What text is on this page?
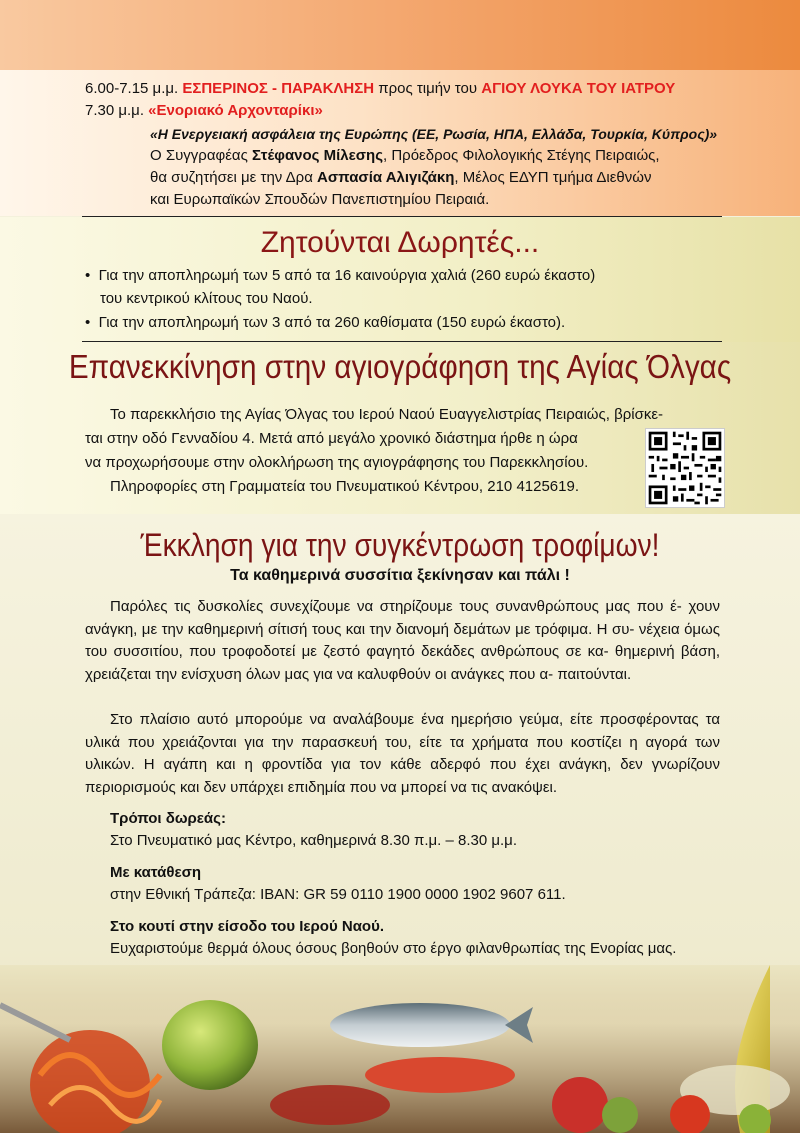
6.00-7.15 μ.μ. ΕΣΠΕΡΙΝΟΣ - ΠΑΡΑΚΛΗΣΗ προς τιμήν του ΑΓΙΟΥ ΛΟΥΚΑ ΤΟΥ ΙΑΤΡΟΥ
7.30 μ.μ. «Ενοριακό Αρχονταρίκι»
«Η Ενεργειακή ασφάλεια της Ευρώπης (ΕΕ, Ρωσία, ΗΠΑ, Ελλάδα, Τουρκία, Κύπρος)»
Ο Συγγραφέας Στέφανος Μίλεσης, Πρόεδρος Φιλολογικής Στέγης Πειραιώς,
θα συζητήσει με την Δρα Ασπασία Αλιγιζάκη, Μέλος ΕΔΥΠ τμήμα Διεθνών
και Ευρωπαϊκών Σπουδών Πανεπιστημίου Πειραιά.
Ζητούνται Δωρητές...
• Για την αποπληρωμή των 5 από τα 16 καινούργια χαλιά (260 ευρώ έκαστο)
του κεντρικού κλίτους του Ναού.
• Για την αποπληρωμή των 3 από τα 260 καθίσματα (150 ευρώ έκαστο).
Επανεκκίνηση στην αγιογράφηση της Αγίας Όλγας
Το παρεκκλήσιο της Αγίας Όλγας του Ιερού Ναού Ευαγγελιστρίας Πειραιώς, βρίσκε-
ται στην οδό Γενναδίου 4. Μετά από μεγάλο χρονικό διάστημα ήρθε η ώρα
να προχωρήσουμε στην ολοκλήρωση της αγιογράφησης του Παρεκκλησίου.
Πληροφορίες στη Γραμματεία του Πνευματικού Κέντρου, 210 4125619.
Έκκληση για την συγκέντρωση τροφίμων!
Τα καθημερινά συσσίτια ξεκίνησαν και πάλι !
Παρόλες τις δυσκολίες συνεχίζουμε να στηρίζουμε τους συνανθρώπους μας που έ- χουν ανάγκη, με την καθημερινή σίτισή τους και την διανομή δεμάτων με τρόφιμα. Η συ- νέχεια όμως του συσσιτίου, που τροφοδοτεί με ζεστό φαγητό δεκάδες ανθρώπους σε κα- θημερινή βάση, χρειάζεται την ενίσχυση όλων μας για να καλυφθούν οι ανάγκες που α- παιτούνται.
Στο πλαίσιο αυτό μπορούμε να αναλάβουμε ένα ημερήσιο γεύμα, είτε προσφέροντας τα υλικά που χρειάζονται για την παρασκευή του, είτε τα χρήματα που κοστίζει η αγορά των υλικών. Η αγάπη και η φροντίδα για τον κάθε αδερφό που έχει ανάγκη, δεν γνωρίζουν περιορισμούς και δεν υπάρχει επιδημία που να μπορεί να τις ανακόψει.
Τρόποι δωρεάς:
Στο Πνευματικό μας Κέντρο, καθημερινά 8.30 π.μ. – 8.30 μ.μ.
Με κατάθεση
στην Εθνική Τράπεζα: IBAN: GR 59 0110 1900 0000 1902 9607 611.
Στο κουτί στην είσοδο του Ιερού Ναού.
Ευχαριστούμε θερμά όλους όσους βοηθούν στο έργο φιλανθρωπίας της Ενορίας μας.
